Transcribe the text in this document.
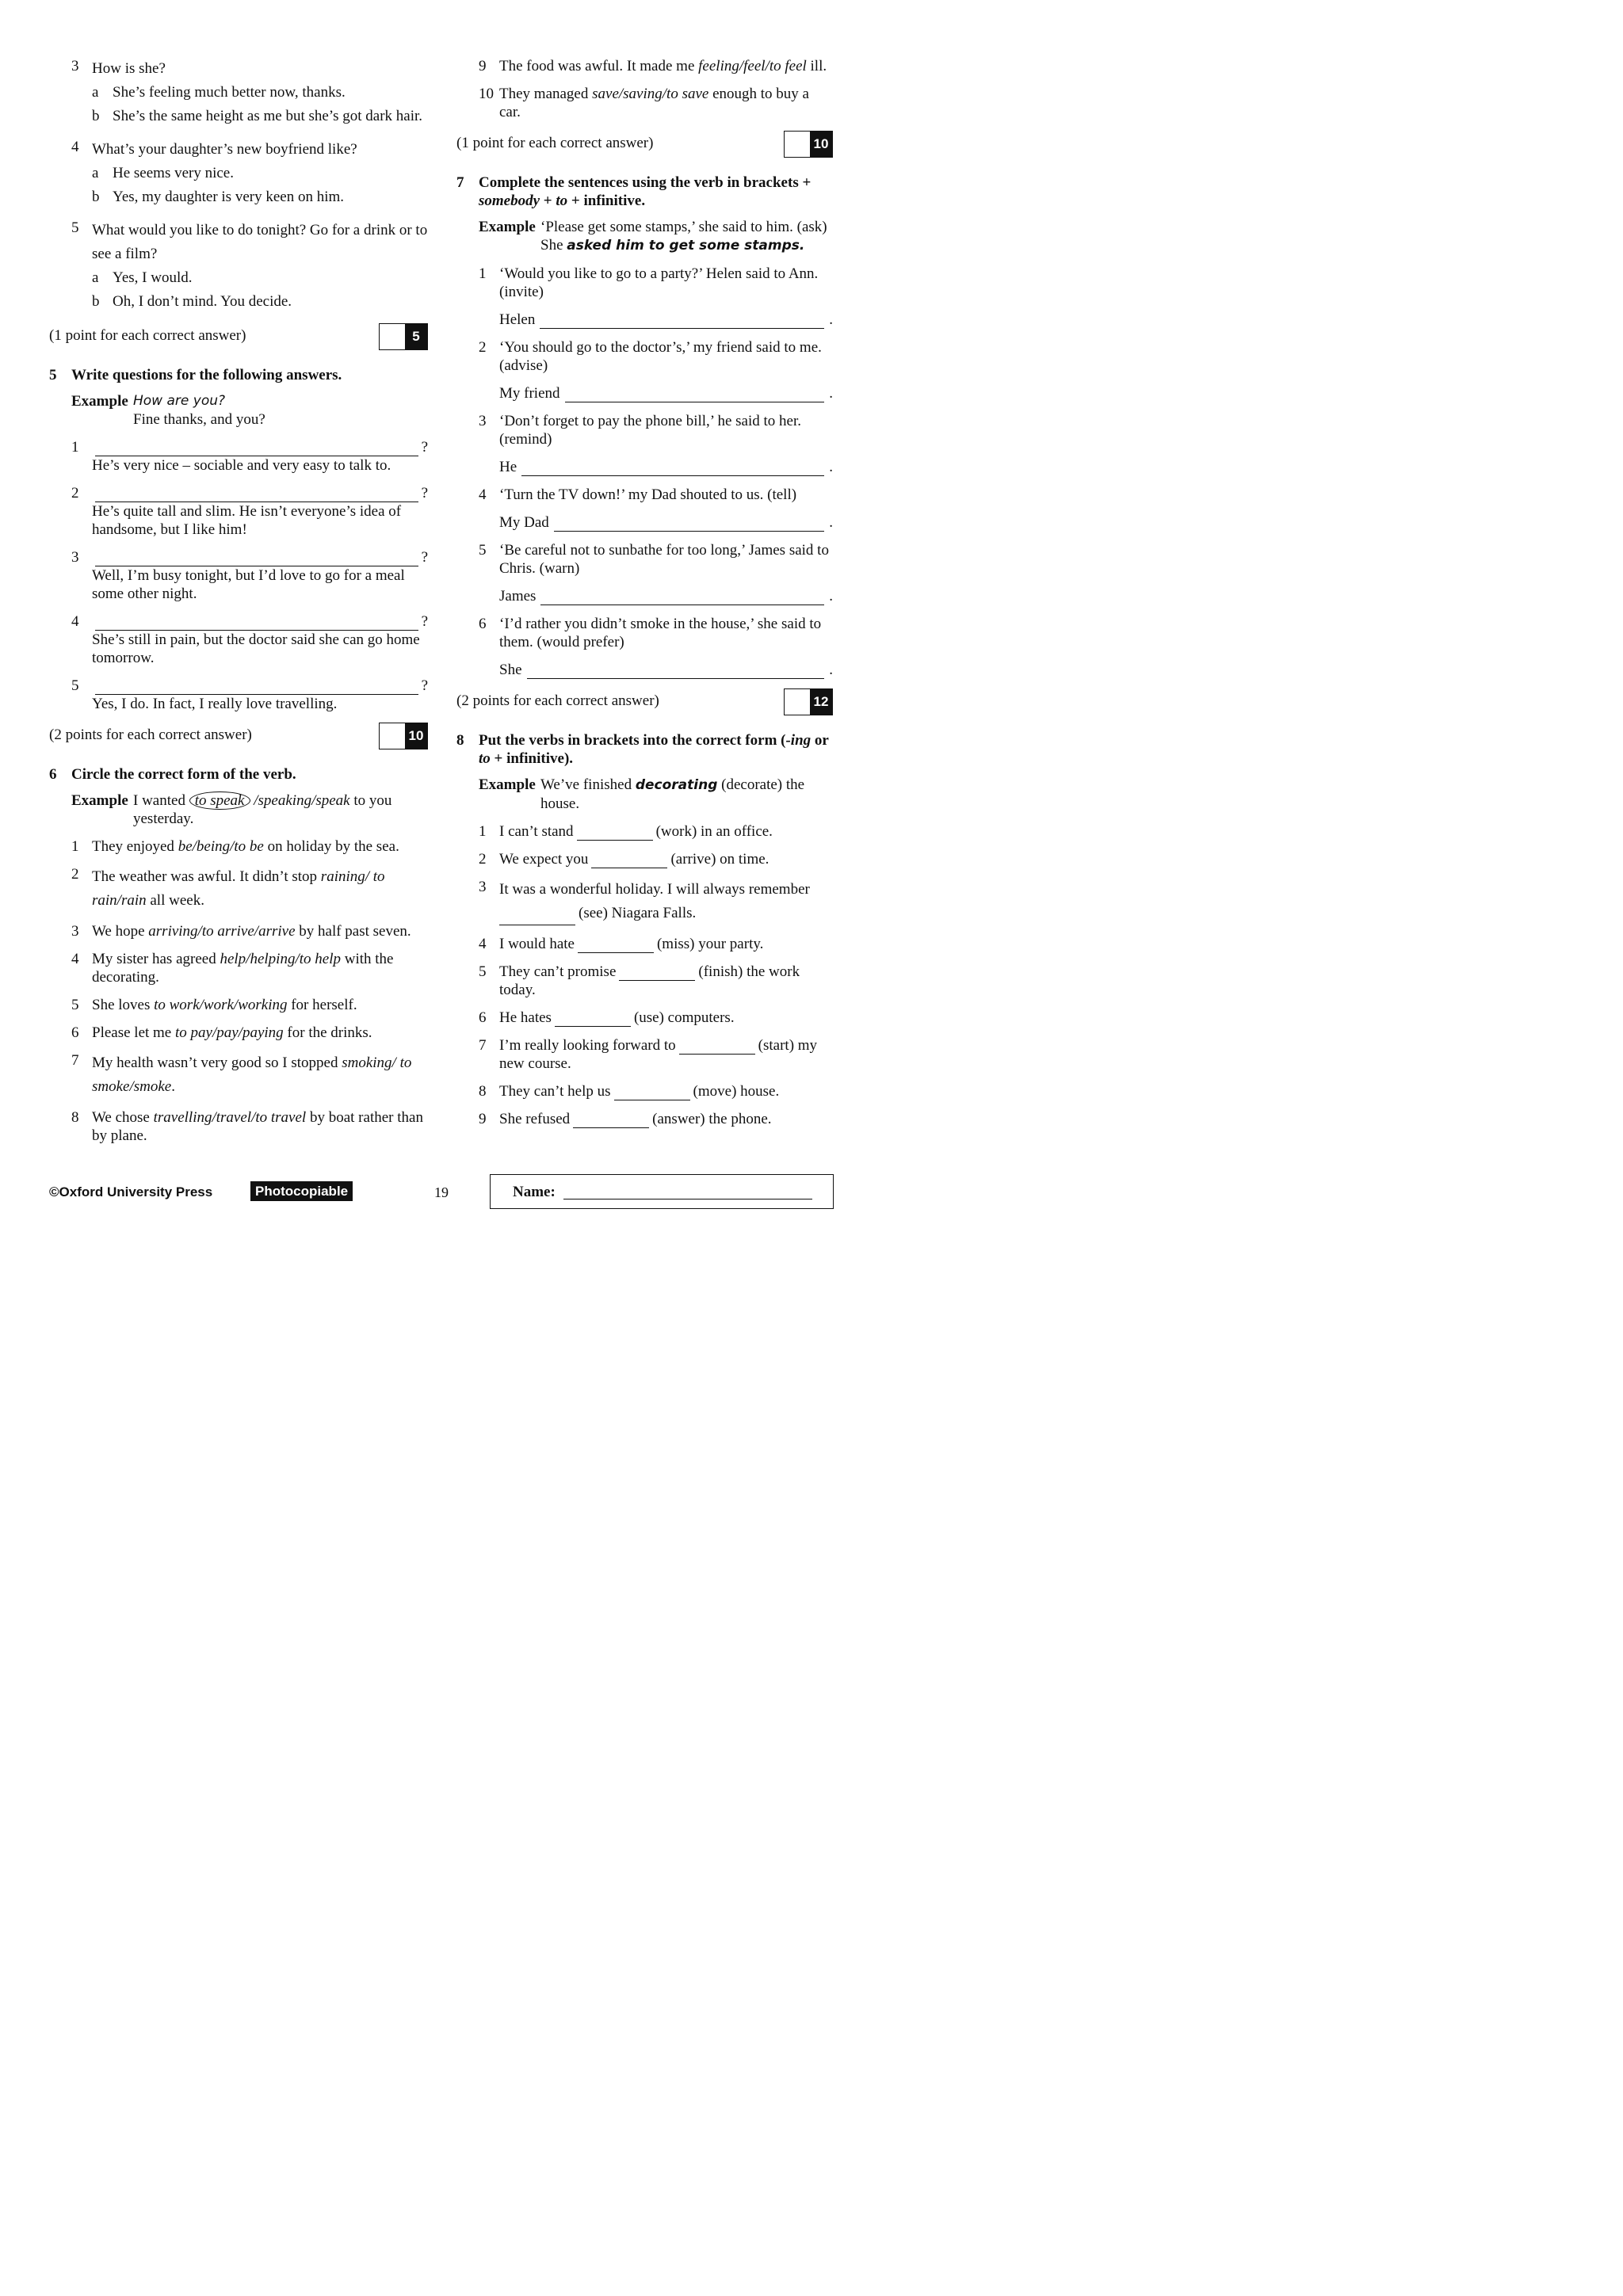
3 How is she?
a She’s feeling much better now, thanks.
b She’s the same height as me but she’s got dark hair.
4 What’s your daughter’s new boyfriend like?
a He seems very nice.
b Yes, my daughter is very keen on him.
5 What would you like to do tonight? Go for a drink or to see a film?
a Yes, I would.
b Oh, I don’t mind. You decide.
(1 point for each correct answer)	5
5 Write questions for the following answers.
Example How are you?
Fine thanks, and you?
1	?
He’s very nice – sociable and very easy to talk to.
2	?
He’s quite tall and slim. He isn’t everyone’s idea of handsome, but I like him!
3	?
Well, I’m busy tonight, but I’d love to go for a meal some other night.
4	?
She’s still in pain, but the doctor said she can go home tomorrow.
5	?
Yes, I do. In fact, I really love travelling.
(2 points for each correct answer)	10
6 Circle the correct form of the verb.
Example I wanted to speak /speaking/speak to you yesterday.
1 They enjoyed be/being/to be on holiday by the sea.
2 The weather was awful. It didn’t stop raining/ to rain/rain all week.
3 We hope arriving/to arrive/arrive by half past seven.
4 My sister has agreed help/helping/to help with the decorating.
5 She loves to work/work/working for herself.
6 Please let me to pay/pay/paying for the drinks.
7 My health wasn’t very good so I stopped smoking/ to smoke/smoke.
8 We chose travelling/travel/to travel by boat rather than by plane.
9 The food was awful. It made me feeling/feel/to feel ill.
10 They managed save/saving/to save enough to buy a car.
(1 point for each correct answer)	10
7 Complete the sentences using the verb in brackets +
somebody + to + infinitive.
Example ‘Please get some stamps,’ she said to him. (ask)
She asked him to get some stamps.
1 ‘Would you like to go to a party?’ Helen said to Ann. (invite)
Helen	.
2 ‘You should go to the doctor’s,’ my friend said to me. (advise)
My friend	.
3 ‘Don’t forget to pay the phone bill,’ he said to her. (remind)
He	.
4 ‘Turn the TV down!’ my Dad shouted to us. (tell)
My Dad	.
5 ‘Be careful not to sunbathe for too long,’ James said to Chris. (warn)
James	.
6 ‘I’d rather you didn’t smoke in the house,’ she said to them. (would prefer)
She	.
(2 points for each correct answer)	12
8 Put the verbs in brackets into the correct form (-ing or
to + infinitive).
Example We’ve finished decorating (decorate) the house.
1 I can’t stand	(work) in an office.
2 We expect you	(arrive) on time.
3 It was a wonderful holiday. I will always remember
(see) Niagara Falls.
4 I would hate	(miss) your party.
5 They can’t promise	(finish) the work today.
6 He hates	(use) computers.
7 I’m really looking forward to	(start) my new course.
8 They can’t help us	(move) house.
9 She refused	(answer) the phone.
©Oxford University Press	Photocopiable	19	Name:
